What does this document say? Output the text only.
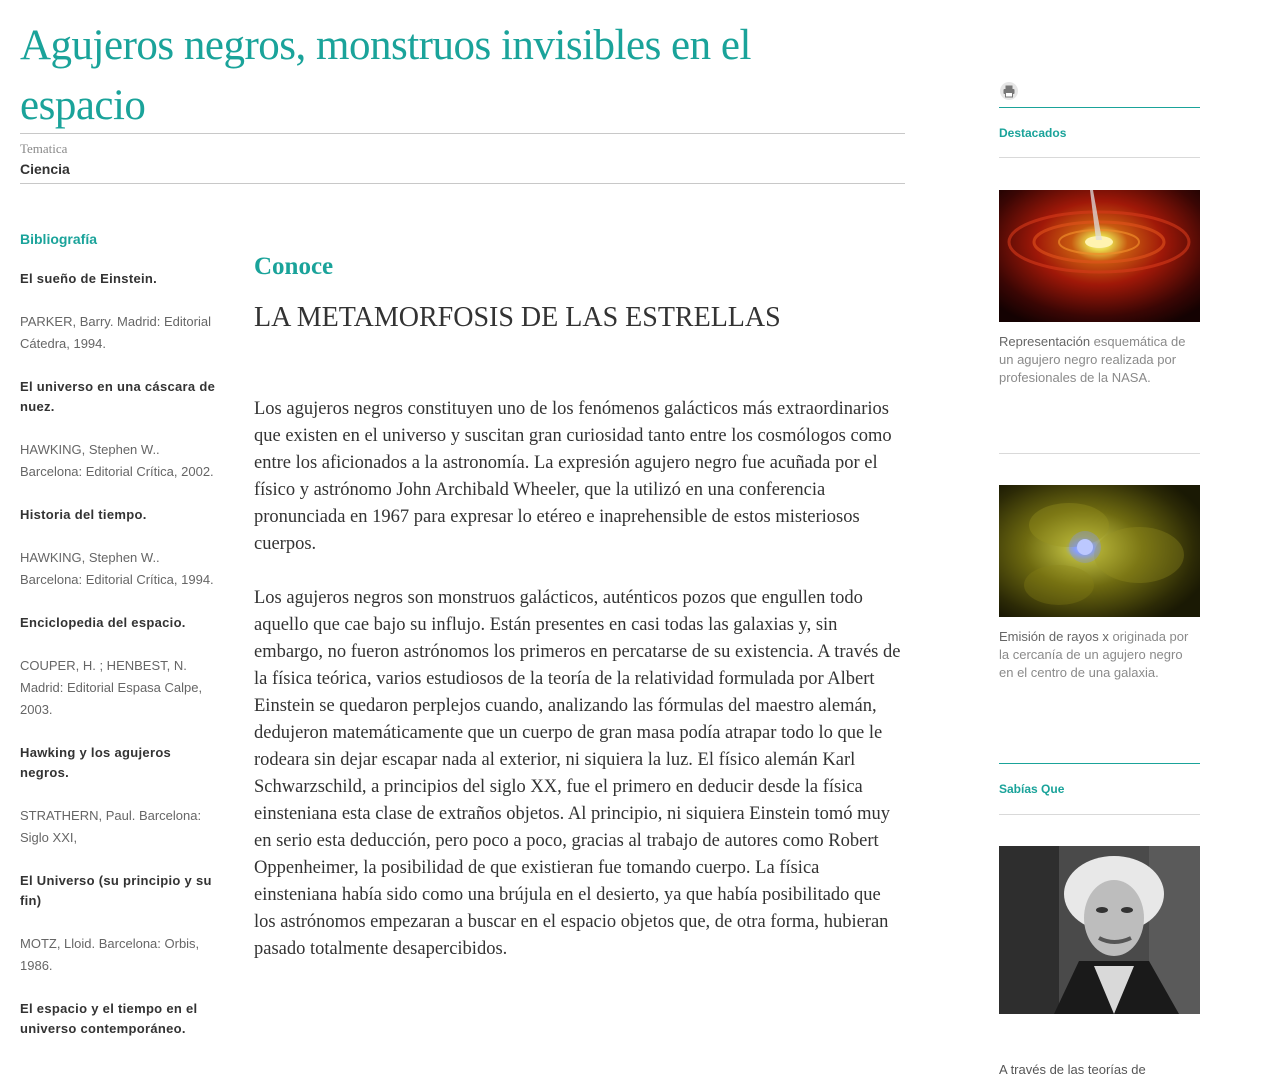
Agujeros negros, monstruos invisibles en el espacio
Tematica
Ciencia
Bibliografía
El sueño de Einstein.
PARKER, Barry. Madrid: Editorial Cátedra, 1994.
El universo en una cáscara de nuez.
HAWKING, Stephen W.. Barcelona: Editorial Crítica, 2002.
Historia del tiempo.
HAWKING, Stephen W.. Barcelona: Editorial Crítica, 1994.
Enciclopedia del espacio.
COUPER, H. ; HENBEST, N. Madrid: Editorial Espasa Calpe, 2003.
Hawking y los agujeros negros.
STRATHERN, Paul. Barcelona: Siglo XXI,
El Universo (su principio y su fin)
MOTZ, Lloid. Barcelona: Orbis, 1986.
El espacio y el tiempo en el universo contemporáneo.
Conoce
LA METAMORFOSIS DE LAS ESTRELLAS

Los agujeros negros constituyen uno de los fenómenos galácticos más extraordinarios que existen en el universo y suscitan gran curiosidad tanto entre los cosmólogos como entre los aficionados a la astronomía. La expresión agujero negro fue acuñada por el físico y astrónomo John Archibald Wheeler, que la utilizó en una conferencia pronunciada en 1967 para expresar lo etéreo e inaprehensible de estos misteriosos cuerpos.

Los agujeros negros son monstruos galácticos, auténticos pozos que engullen todo aquello que cae bajo su influjo. Están presentes en casi todas las galaxias y, sin embargo, no fueron astrónomos los primeros en percatarse de su existencia. A través de la física teórica, varios estudiosos de la teoría de la relatividad formulada por Albert Einstein se quedaron perplejos cuando, analizando las fórmulas del maestro alemán, dedujeron matemáticamente que un cuerpo de gran masa podía atrapar todo lo que le rodeara sin dejar escapar nada al exterior, ni siquiera la luz. El físico alemán Karl Schwarzschild, a principios del siglo XX, fue el primero en deducir desde la física einsteniana esta clase de extraños objetos. Al principio, ni siquiera Einstein tomó muy en serio esta deducción, pero poco a poco, gracias al trabajo de autores como Robert Oppenheimer, la posibilidad de que existieran fue tomando cuerpo. La física einsteniana había sido como una brújula en el desierto, ya que había posibilitado que los astrónomos empezaran a buscar en el espacio objetos que, de otra forma, hubieran pasado totalmente desapercibidos.

Destacados
Representación esquemática de un agujero negro realizada por profesionales de la NASA.
Emisión de rayos x originada por la cercanía de un agujero negro en el centro de una galaxia.
Sabías Que
A través de las teorías de
